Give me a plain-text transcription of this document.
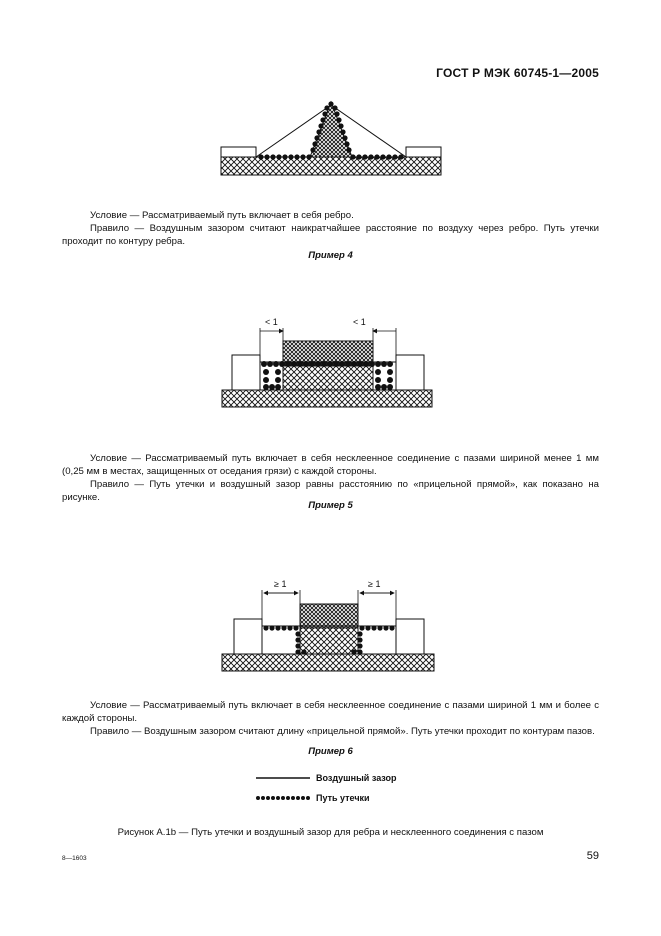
ГОСТ Р МЭК 60745-1—2005
< 1	< 1
≥ 1	≥ 1

Условие — Рассматриваемый путь включает в себя ребро.

Правило — Воздушным зазором считают наикратчайшее расстояние по воздуху через ребро. Путь утечки проходит по контуру ребра.

Пример 4

Условие — Рассматриваемый путь включает в себя несклеенное соединение с пазами шириной менее 1 мм (0,25 мм в местах, защищенных от оседания грязи) с каждой стороны.

Правило — Путь утечки и воздушный зазор равны расстоянию по «прицельной прямой», как показано на рисунке.

Пример 5

Условие — Рассматриваемый путь включает в себя несклеенное соединение с пазами шириной 1 мм и более с каждой стороны.

Правило — Воздушным зазором считают длину «прицельной прямой». Путь утечки проходит по контурам пазов.

Пример 6
Воздушный зазор
Путь утечки
Рисунок А.1b — Путь утечки и воздушный зазор для ребра и несклеенного соединения с пазом
8—1603	59
